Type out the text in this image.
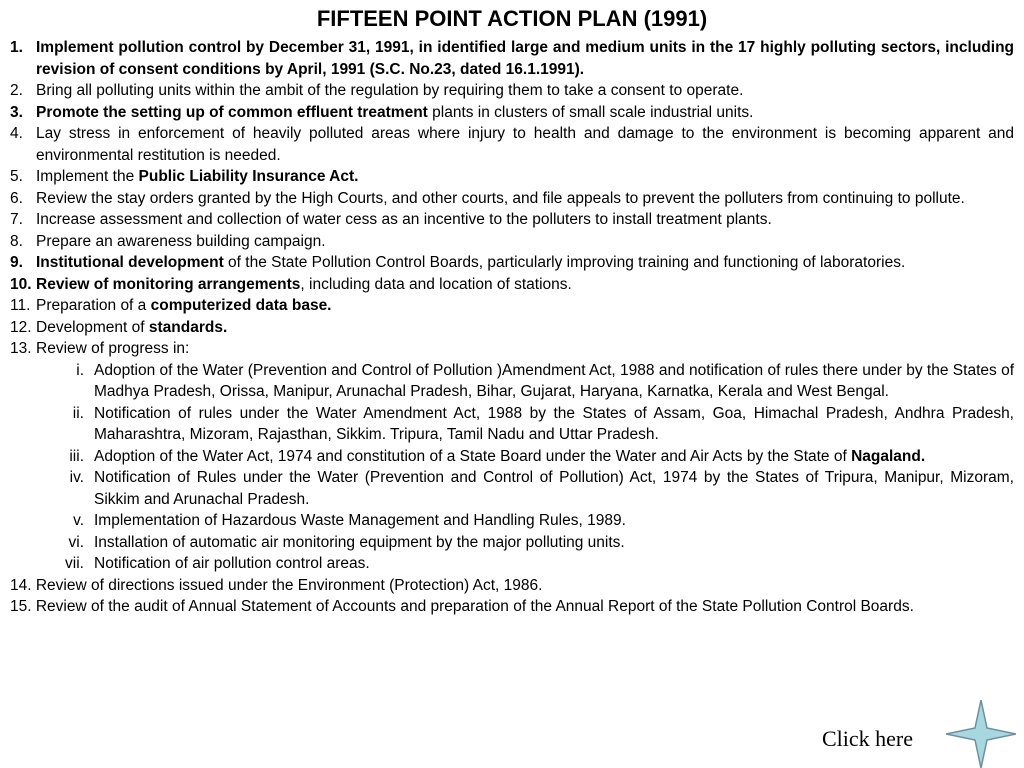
FIFTEEN POINT ACTION PLAN (1991)
1. Implement pollution control by December 31, 1991, in identified large and medium units in the 17 highly polluting sectors, including revision of consent conditions by April, 1991 (S.C. No.23, dated 16.1.1991).
2. Bring all polluting units within the ambit of the regulation by requiring them to take a consent to operate.
3. Promote the setting up of common effluent treatment plants in clusters of small scale industrial units.
4. Lay stress in enforcement of heavily polluted areas where injury to health and damage to the environment is becoming apparent and environmental restitution is needed.
5. Implement the Public Liability Insurance Act.
6. Review the stay orders granted by the High Courts, and other courts, and file appeals to prevent the polluters from continuing to pollute.
7. Increase assessment and collection of water cess as an incentive to the polluters to install treatment plants.
8. Prepare an awareness building campaign.
9. Institutional development of the State Pollution Control Boards, particularly improving training and functioning of laboratories.
10. Review of monitoring arrangements, including data and location of stations.
11. Preparation of a computerized data base.
12. Development of standards.
13. Review of progress in:
i. Adoption of the Water (Prevention and Control of Pollution )Amendment Act, 1988 and notification of rules there under by the States of Madhya Pradesh, Orissa, Manipur, Arunachal Pradesh, Bihar, Gujarat, Haryana, Karnatka, Kerala and West Bengal.
ii. Notification of rules under the Water Amendment Act, 1988 by the States of Assam, Goa, Himachal Pradesh, Andhra Pradesh, Maharashtra, Mizoram, Rajasthan, Sikkim. Tripura, Tamil Nadu and Uttar Pradesh.
iii. Adoption of the Water Act, 1974 and constitution of a State Board under the Water and Air Acts by the State of Nagaland.
iv. Notification of Rules under the Water (Prevention and Control of Pollution) Act, 1974 by the States of Tripura, Manipur, Mizoram, Sikkim and Arunachal Pradesh.
v. Implementation of Hazardous Waste Management and Handling Rules, 1989.
vi. Installation of automatic air monitoring equipment by the major polluting units.
vii. Notification of air pollution control areas.
14. Review of directions issued under the Environment (Protection) Act, 1986.
15. Review of the audit of Annual Statement of Accounts and preparation of the Annual Report of the State Pollution Control Boards.
Click here
